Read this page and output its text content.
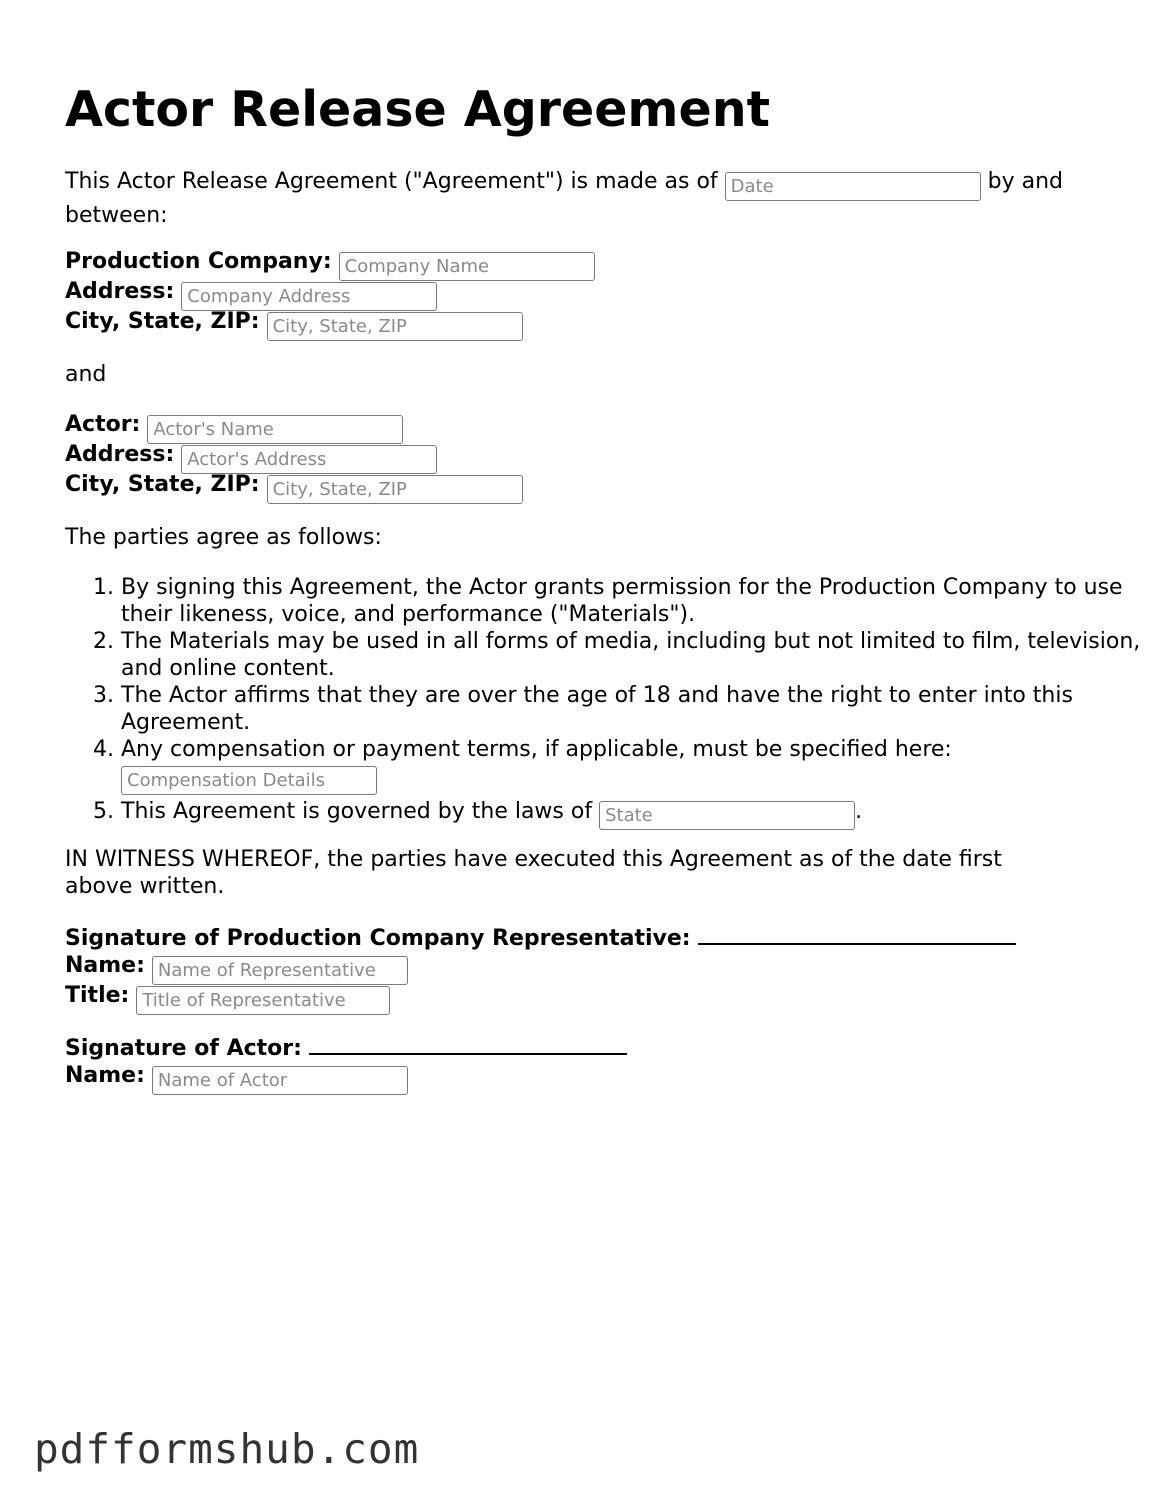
Actor Release Agreement
This Actor Release Agreement ("Agreement") is made as of Date	by and between:
Production Company: Company Name
Address: Company Address
City, State, ZIP: City, State, ZIP
and
Actor: Actor's Name
Address: Actor's Address
City, State, ZIP: City, State, ZIP
The parties agree as follows:
1. By signing this Agreement, the Actor grants permission for the Production Company to use their likeness, voice, and performance ("Materials").
2. The Materials may be used in all forms of media, including but not limited to film, television, and online content.
3. The Actor affirms that they are over the age of 18 and have the right to enter into this Agreement.
4. Any compensation or payment terms, if applicable, must be specified here:
Compensation Details
5. This Agreement is governed by the laws of State	.
IN WITNESS WHEREOF, the parties have executed this Agreement as of the date first above written.
Signature of Production Company Representative:
Name: Name of Representative
Title: Title of Representative
Signature of Actor:
Name: Name of Actor
pdfformshub.com
